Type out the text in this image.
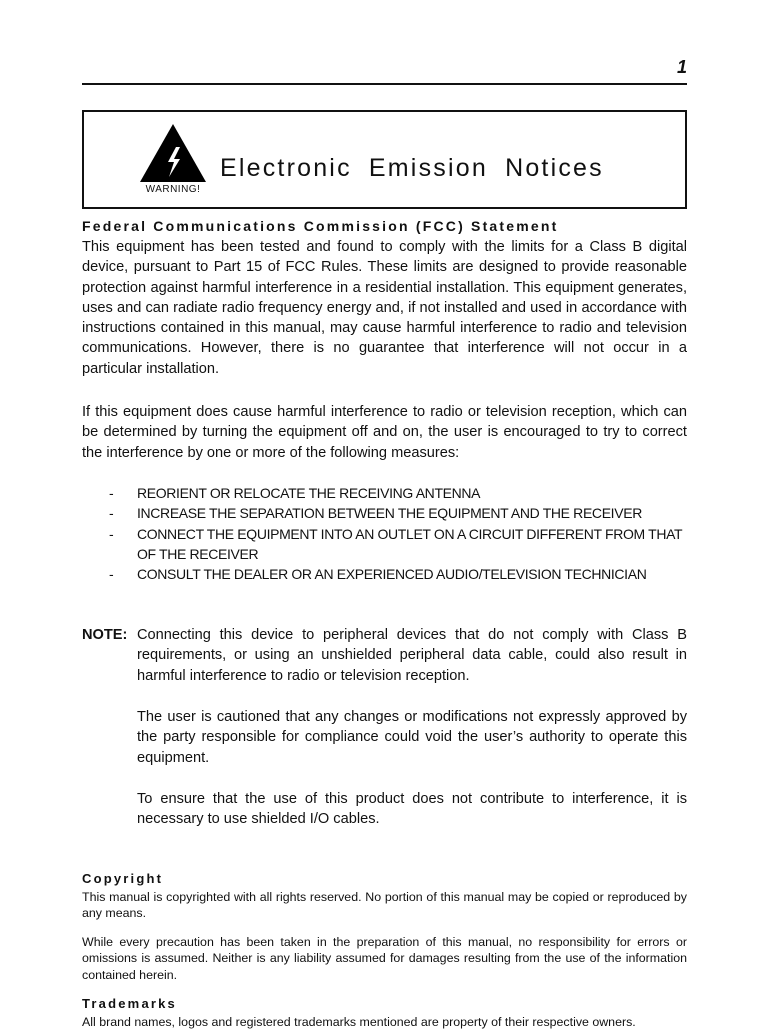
1
WARNING!
Electronic Emission Notices
Federal Communications Commission (FCC) Statement
This equipment has been tested and found to comply with the limits for a Class B digital device, pursuant to Part 15 of FCC Rules. These limits are designed to provide reasonable protection against harmful interference in a residential installation. This equipment generates, uses and can radiate radio frequency energy and, if not installed and used in accordance with instructions contained in this manual, may cause harmful interference to radio and television communications. However, there is no guarantee that interference will not occur in a particular installation.
If this equipment does cause harmful interference to radio or television reception, which can be determined by turning the equipment off and on, the user is encouraged to try to correct the interference by one or more of the following measures:
- REORIENT OR RELOCATE THE RECEIVING ANTENNA
- INCREASE THE SEPARATION BETWEEN THE EQUIPMENT AND THE RECEIVER
- CONNECT THE EQUIPMENT INTO AN OUTLET ON A CIRCUIT DIFFERENT FROM THAT OF THE RECEIVER
- CONSULT THE DEALER OR AN EXPERIENCED AUDIO/TELEVISION TECHNICIAN
NOTE: Connecting this device to peripheral devices that do not comply with Class B requirements, or using an unshielded peripheral data cable, could also result in harmful interference to radio or television reception.
The user is cautioned that any changes or modifications not expressly approved by the party responsible for compliance could void the user’s authority to operate this equipment.
To ensure that the use of this product does not contribute to interference, it is necessary to use shielded I/O cables.
Copyright
This manual is copyrighted with all rights reserved. No portion of this manual may be copied or reproduced by any means.
While every precaution has been taken in the preparation of this manual, no responsibility for errors or omissions is assumed. Neither is any liability assumed for damages resulting from the use of the information contained herein.
Trademarks
All brand names, logos and registered trademarks mentioned are property of their respective owners.
